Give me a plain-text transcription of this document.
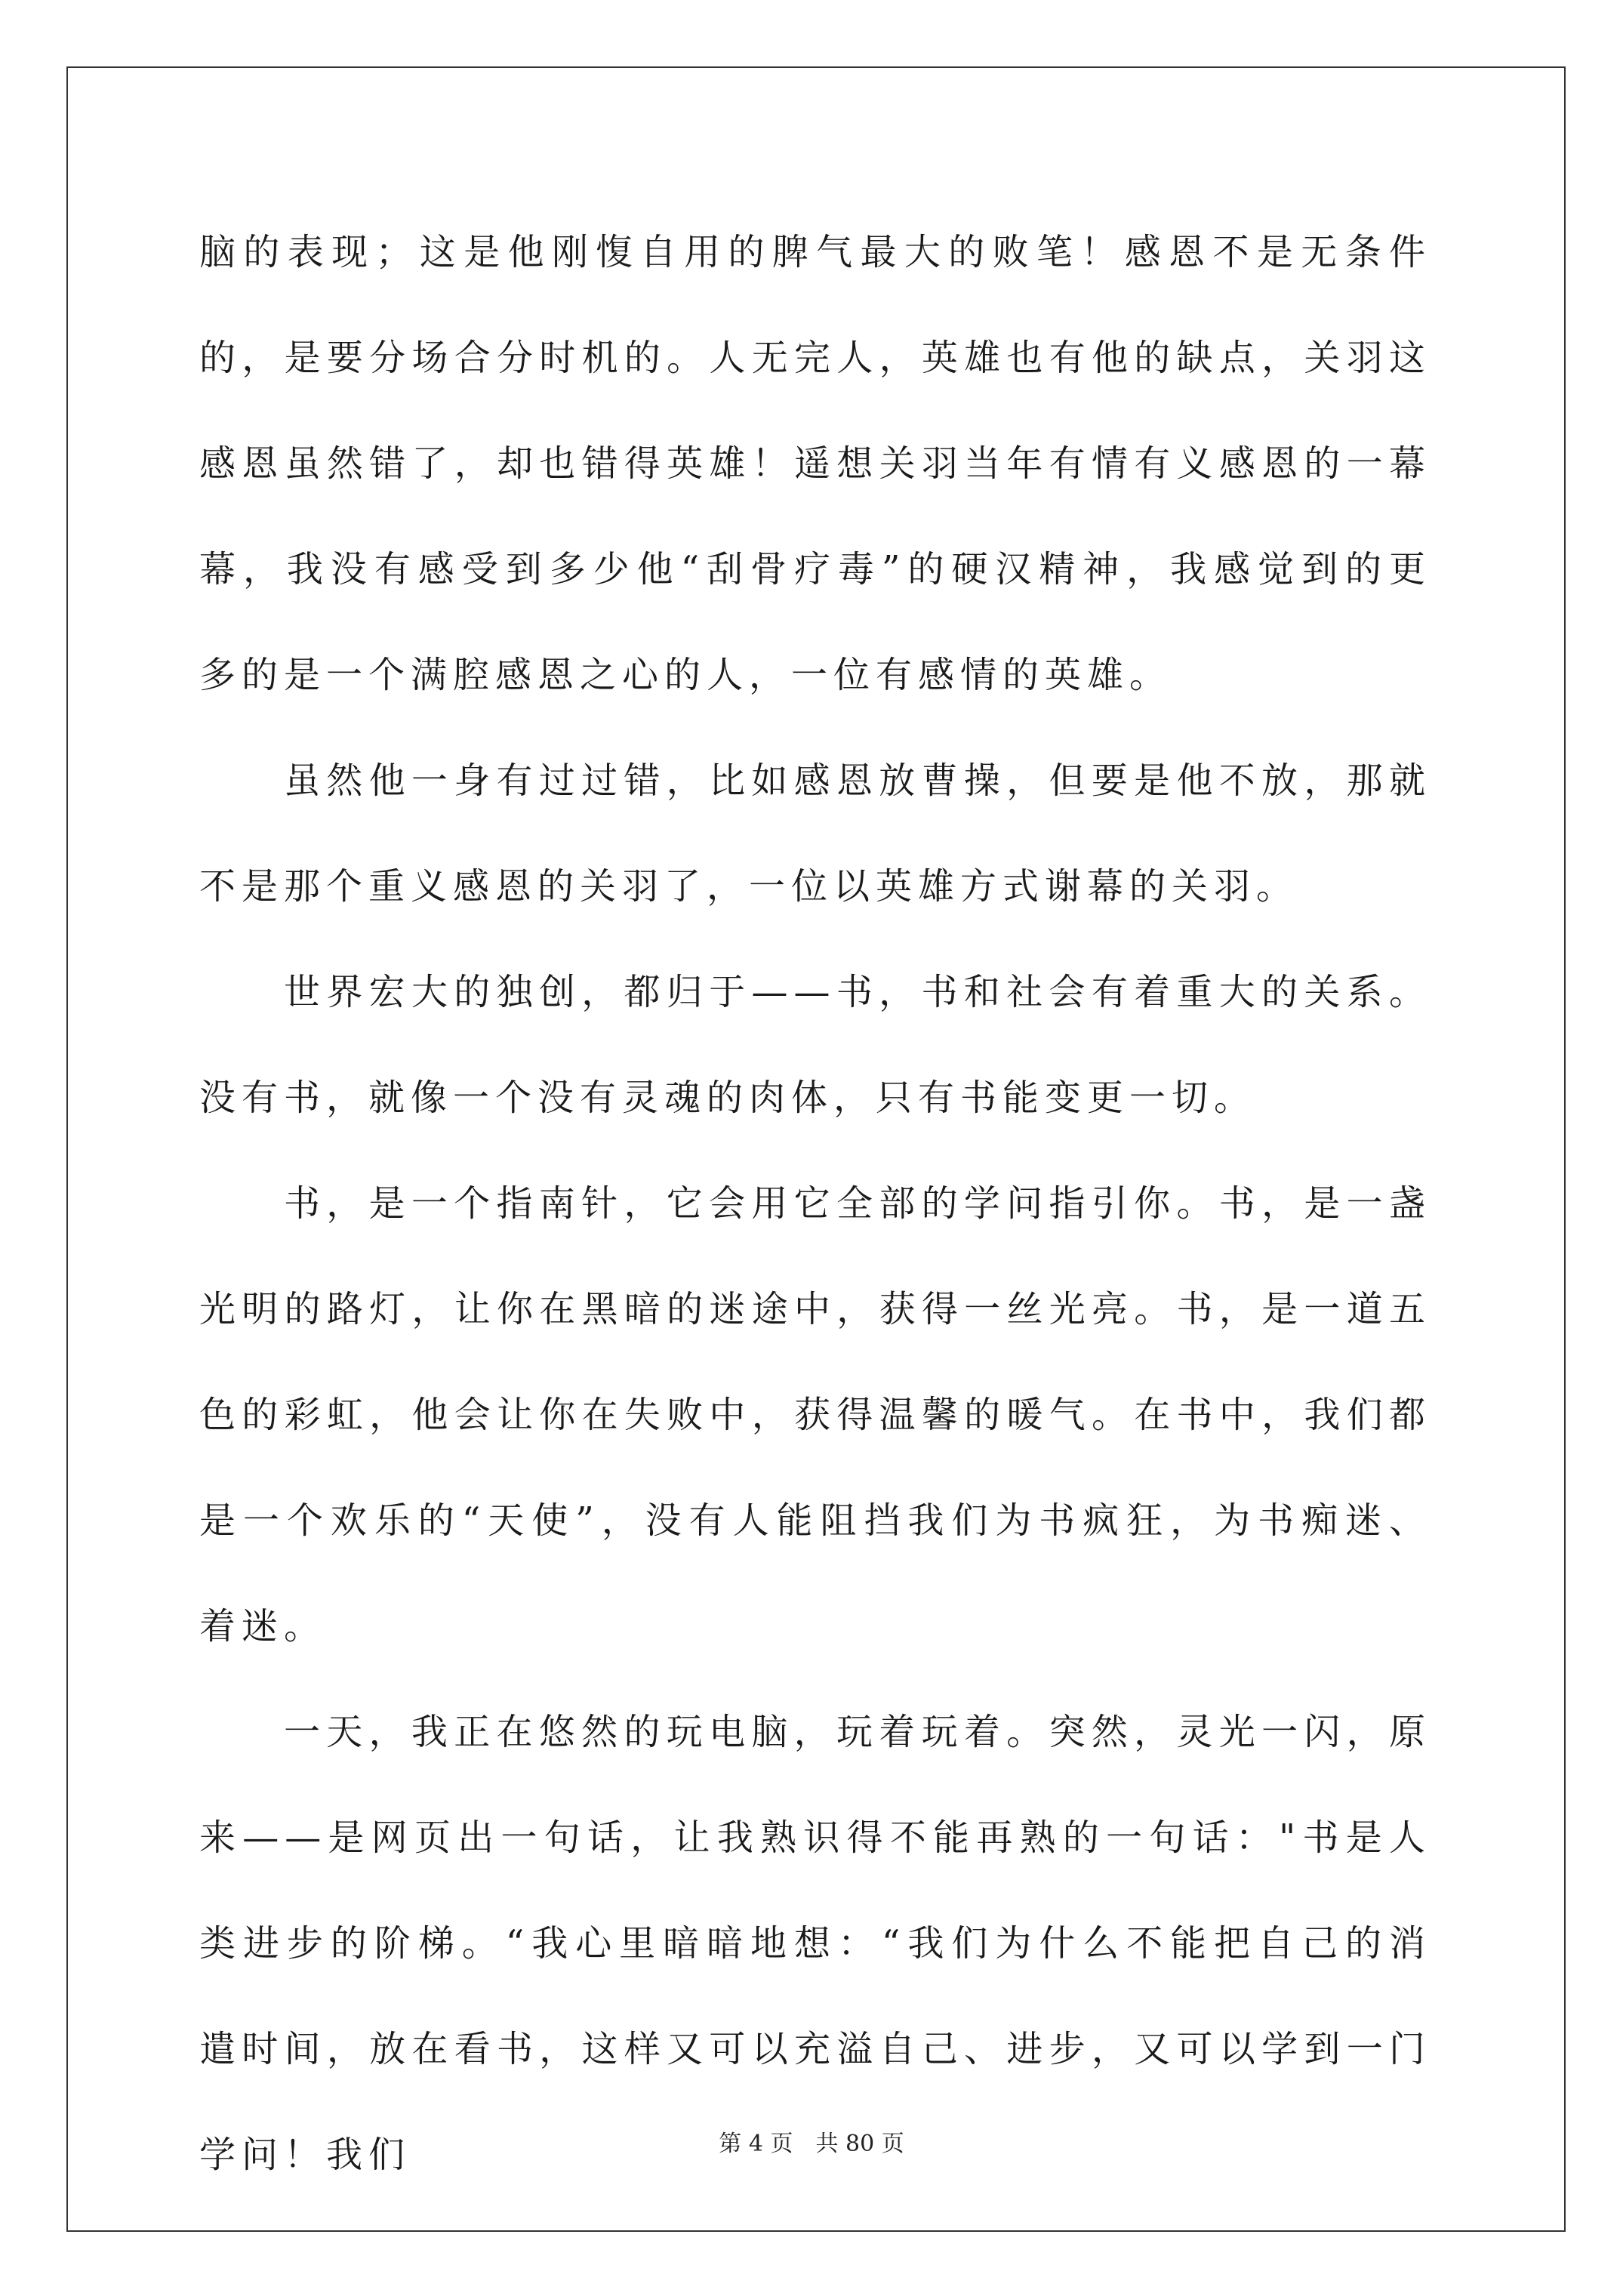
脑的表现；这是他刚愎自用的脾气最大的败笔！感恩不是无条件的，是要分场合分时机的。人无完人，英雄也有他的缺点，关羽这感恩虽然错了，却也错得英雄！遥想关羽当年有情有义感恩的一幕幕，我没有感受到多少他“刮骨疗毒”的硬汉精神，我感觉到的更多的是一个满腔感恩之心的人，一位有感情的英雄。

虽然他一身有过过错，比如感恩放曹操，但要是他不放，那就不是那个重义感恩的关羽了，一位以英雄方式谢幕的关羽。

世界宏大的独创，都归于——书，书和社会有着重大的关系。没有书，就像一个没有灵魂的肉体，只有书能变更一切。

书，是一个指南针，它会用它全部的学问指引你。书，是一盏光明的路灯，让你在黑暗的迷途中，获得一丝光亮。书，是一道五色的彩虹，他会让你在失败中，获得温馨的暖气。在书中，我们都是一个欢乐的“天使”，没有人能阻挡我们为书疯狂，为书痴迷、着迷。

一天，我正在悠然的玩电脑，玩着玩着。突然，灵光一闪，原来——是网页出一句话，让我熟识得不能再熟的一句话："书是人类进步的阶梯。“我心里暗暗地想：“我们为什么不能把自己的消遣时间，放在看书，这样又可以充溢自己、进步，又可以学到一门学问！我们	第 4 页 共 80 页
